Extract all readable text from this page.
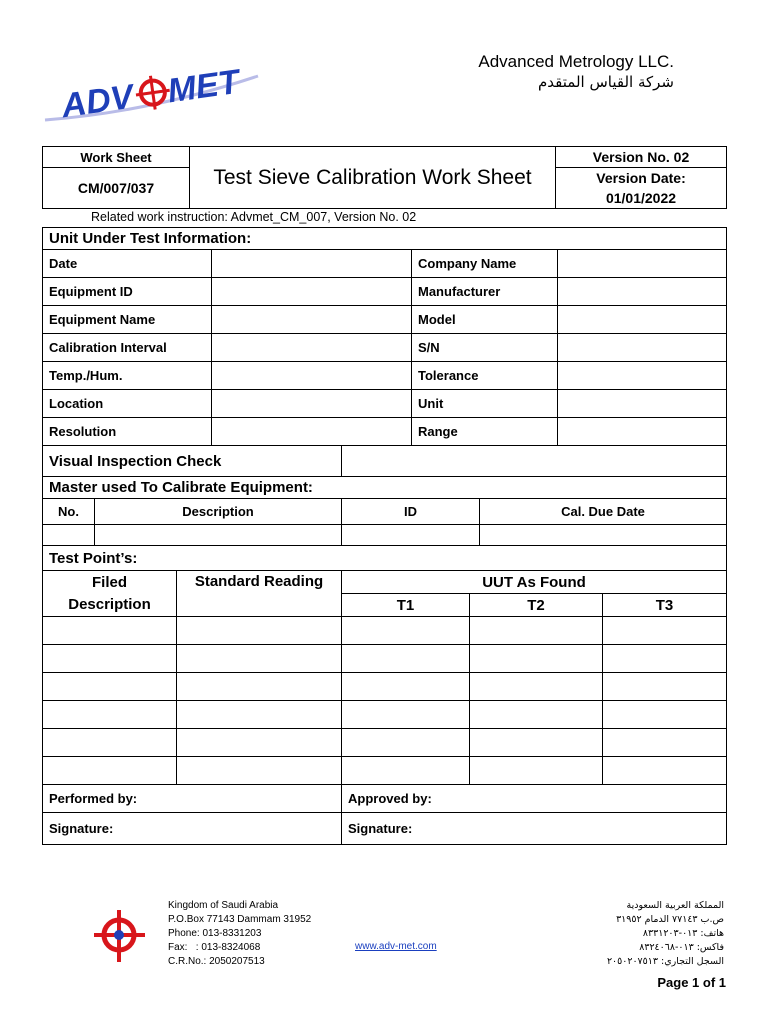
ADV MET
Advanced Metrology LLC.
شركة القياس المتقدم
Work Sheet	Test Sieve Calibration Work Sheet	Version No. 02
CM/007/037		Version Date:
01/01/2022
Related work instruction: Advmet_CM_007, Version No. 02
Unit Under Test Information:			
Date		Company Name	
Equipment ID		Manufacturer	
Equipment Name		Model	
Calibration Interval		S/N	
Temp./Hum.		Tolerance	
Location		Unit	
Resolution		Range	
Visual Inspection Check	
Master used To Calibrate Equipment:			
No.	Description	ID	Cal. Due Date

Test Point’s:				

Filed
Description	Standard Reading	UUT As Found		
		T1	T2	T3

Performed by:	Approved by:
Signature:	Signature:
Kingdom of Saudi Arabia
P.O.Box 77143 Dammam 31952
Phone: 013-8331203
Fax:   : 013-8324068
C.R.No.: 2050207513
www.adv-met.com
المملكة العربية السعودية
ص.ب ٧٧١٤٣ الدمام ٣١٩٥٢
هاتف: ٠١٣-٨٣٣١٢٠٣
فاكس: ٠١٣-٨٣٢٤٠٦٨
السجل التجاري: ٢٠٥٠٢٠٧٥١٣
Page 1 of 1
